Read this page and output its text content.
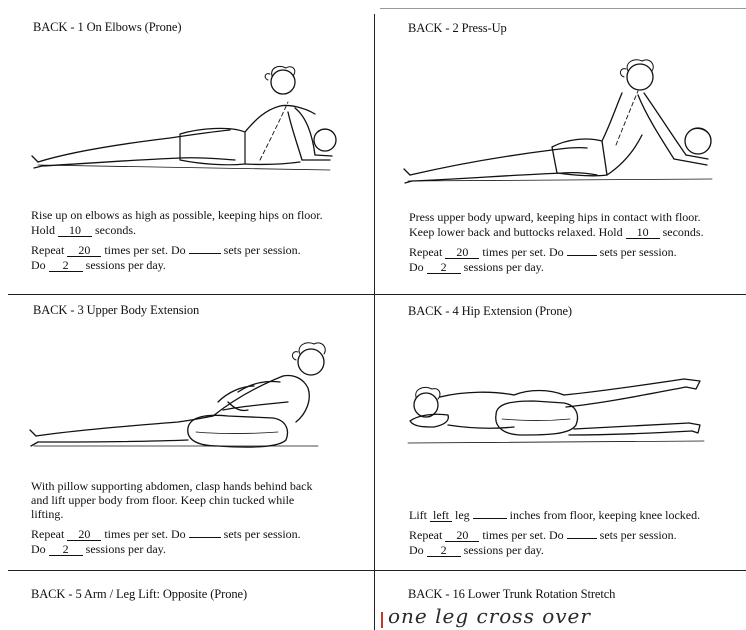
BACK - 1 On Elbows (Prone)
Rise up on elbows as high as possible, keeping hips on floor.
Hold 10 seconds.
Repeat 20 times per set. Do	sets per session.
Do 2 sessions per day.
BACK - 2 Press-Up
Press upper body upward, keeping hips in contact with floor.
Keep lower back and buttocks relaxed. Hold 10 seconds.
Repeat 20 times per set. Do	sets per session.
Do 2 sessions per day.
BACK - 3 Upper Body Extension
With pillow supporting abdomen, clasp hands behind back
and lift upper body from floor. Keep chin tucked while
lifting.
Repeat 20 times per set. Do	sets per session.
Do 2 sessions per day.
BACK - 4 Hip Extension (Prone)
Lift left leg	inches from floor, keeping knee locked.
Repeat 20 times per set. Do	sets per session.
Do 2 sessions per day.
BACK - 5 Arm / Leg Lift: Opposite (Prone)	BACK - 16 Lower Trunk Rotation Stretch
one leg cross over
